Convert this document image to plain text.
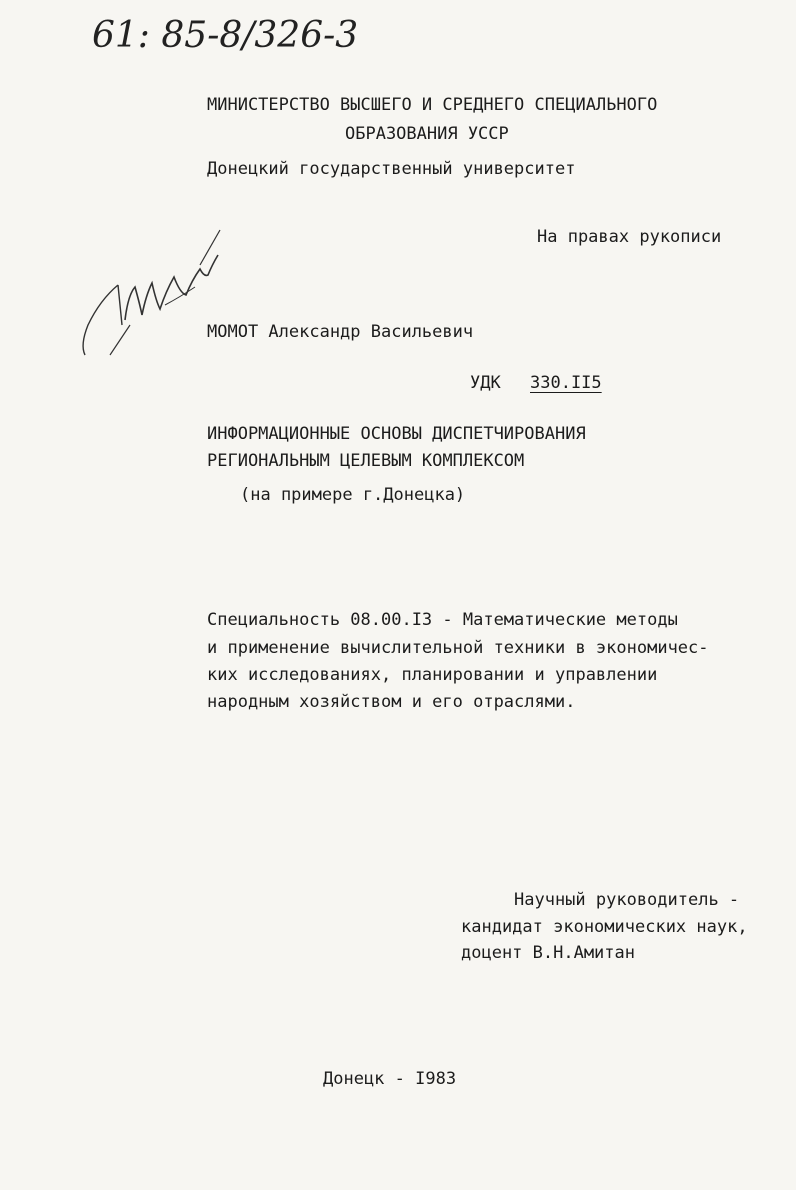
61: 85-8/326-3
МИНИСТЕРСТВО ВЫСШЕГО И СРЕДНЕГО СПЕЦИАЛЬНОГО
ОБРАЗОВАНИЯ УССР
Донецкий государственный университет
На правах рукописи
МОМОТ Александр Васильевич
УДК 330.II5
ИНФОРМАЦИОННЫЕ ОСНОВЫ ДИСПЕТЧИРОВАНИЯ
РЕГИОНАЛЬНЫМ ЦЕЛЕВЫМ КОМПЛЕКСОМ
(на примере г.Донецка)
Специальность 08.00.I3 - Математические методы
и применение вычислительной техники в экономичес-
ких исследованиях, планировании и управлении
народным хозяйством и его отраслями.
Научный руководитель -
кандидат экономических наук,
доцент В.Н.Амитан
Донецк - I983
